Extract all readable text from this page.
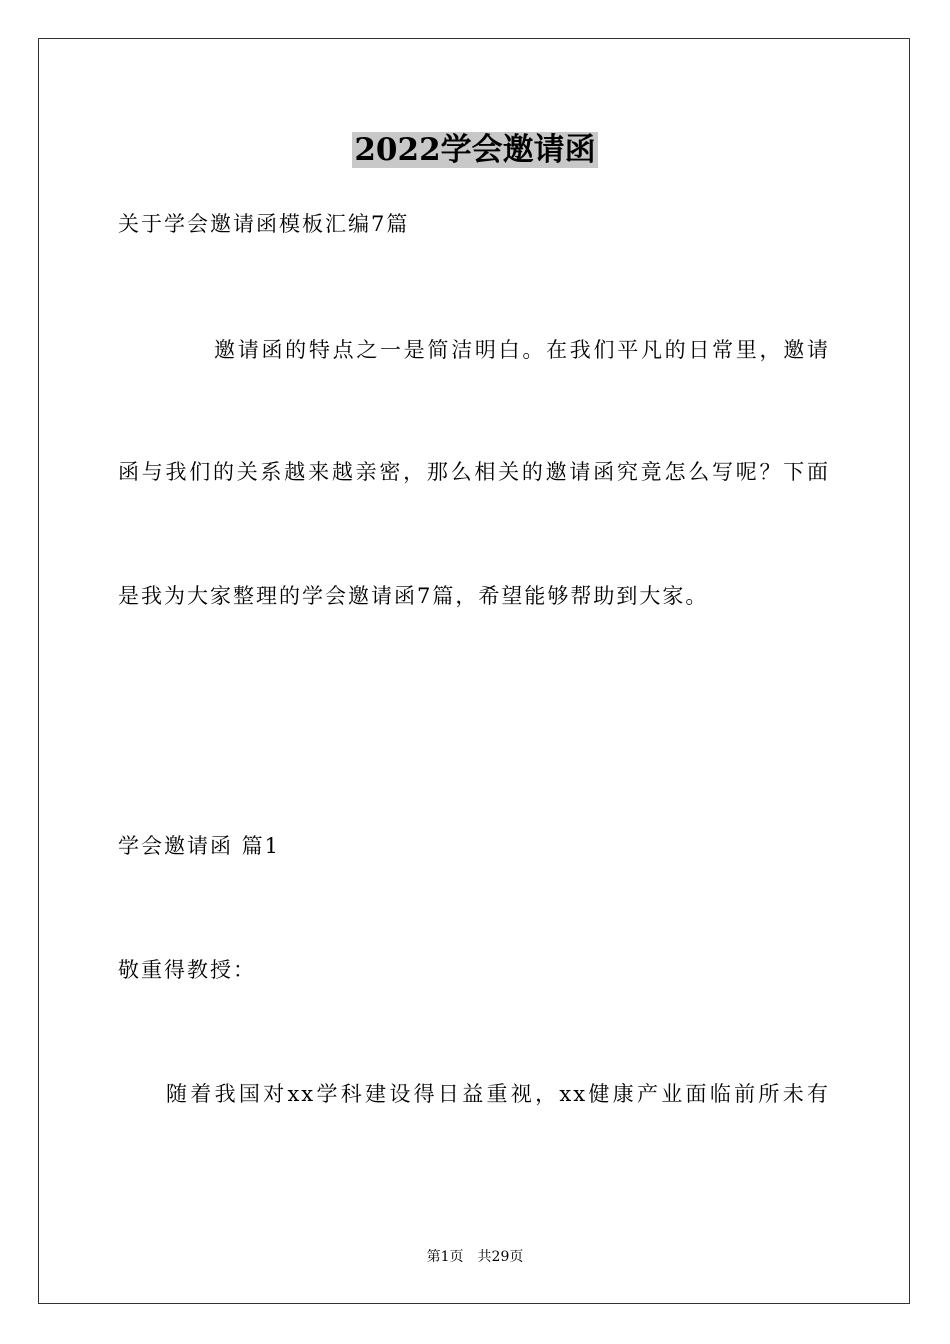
2022学会邀请函

关于学会邀请函模板汇编7篇

邀请函的特点之一是简洁明白。在我们平凡的日常里，邀请

函与我们的关系越来越亲密，那么相关的邀请函究竟怎么写呢？下面

是我为大家整理的学会邀请函7篇，希望能够帮助到大家。

学会邀请函 篇1

敬重得教授：

随着我国对xx学科建设得日益重视，xx健康产业面临前所未有

第1页 共29页
